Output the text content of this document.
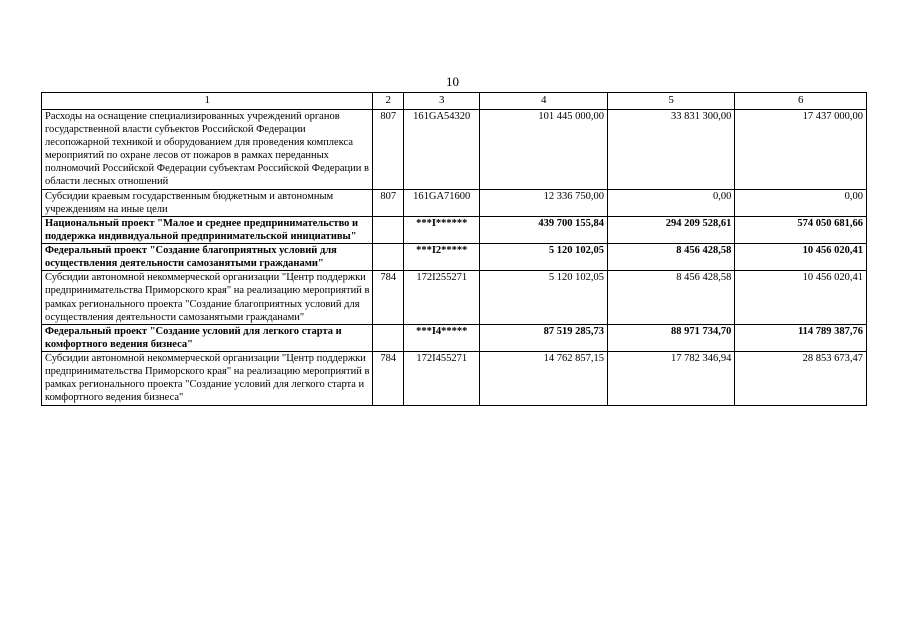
10
1	2	3	4	5	6
Расходы на оснащение специализированных учреждений органов государственной власти субъектов Российской Федерации лесопожарной техникой и оборудованием для проведения комплекса мероприятий по охране лесов от пожаров в рамках переданных полномочий Российской Федерации субъектам Российской Федерации в области лесных отношений	807	161GA54320	101 445 000,00	33 831 300,00	17 437 000,00
Субсидии краевым государственным бюджетным и автономным учреждениям на иные цели	807	161GA71600	12 336 750,00	0,00	0,00
Национальный проект "Малое и среднее предпринимательство и поддержка индивидуальной предпринимательской инициативы"		***I******	439 700 155,84	294 209 528,61	574 050 681,66
Федеральный проект "Создание благоприятных условий для осуществления деятельности самозанятыми гражданами"		***I2*****	5 120 102,05	8 456 428,58	10 456 020,41
Субсидии автономной некоммерческой организации "Центр поддержки предпринимательства Приморского края" на реализацию мероприятий в рамках регионального проекта "Создание благоприятных условий для осуществления деятельности самозанятыми гражданами"	784	172I255271	5 120 102,05	8 456 428,58	10 456 020,41
Федеральный проект "Создание условий для легкого старта и комфортного ведения бизнеса"		***I4*****	87 519 285,73	88 971 734,70	114 789 387,76
Субсидии автономной некоммерческой организации "Центр поддержки предпринимательства Приморского края" на реализацию мероприятий в рамках регионального проекта "Создание условий для легкого старта и комфортного ведения бизнеса"	784	172I455271	14 762 857,15	17 782 346,94	28 853 673,47
